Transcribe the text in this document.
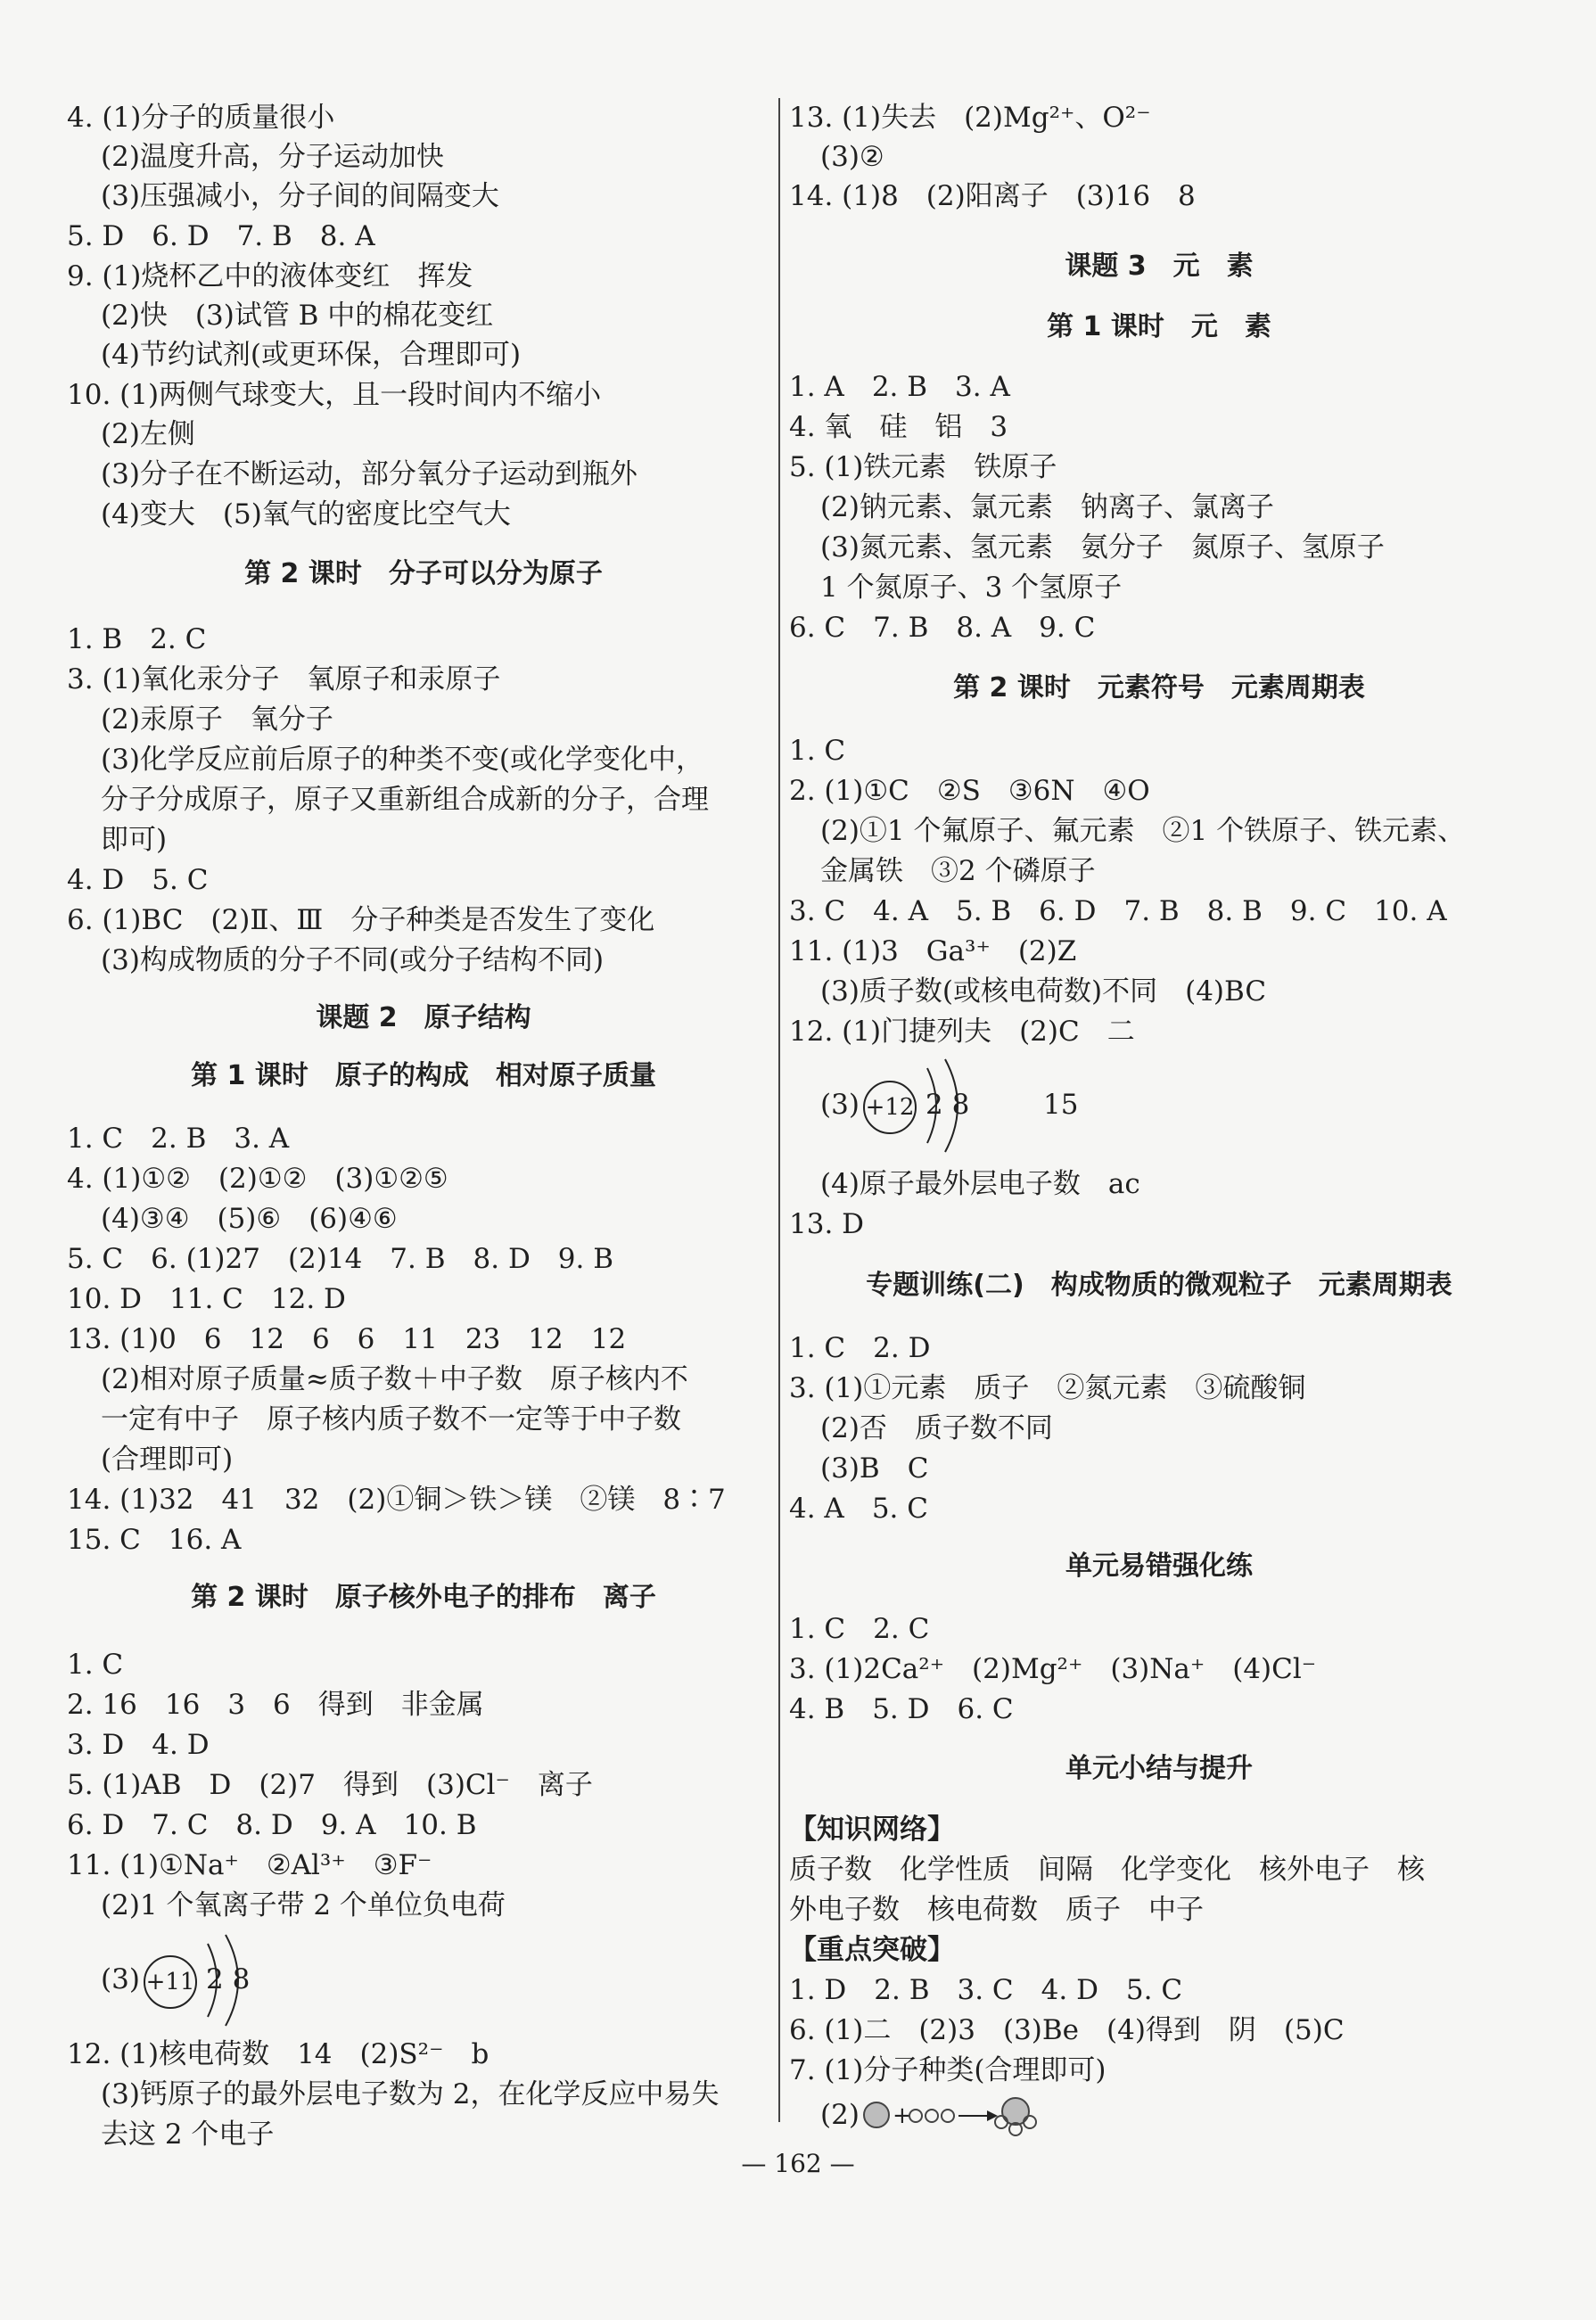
4. (1)分子的质量很小
(2)温度升高，分子运动加快
(3)压强减小，分子间的间隔变大
5. D　6. D　7. B　8. A
9. (1)烧杯乙中的液体变红　挥发
(2)快　(3)试管 B 中的棉花变红
(4)节约试剂(或更环保，合理即可)
10. (1)两侧气球变大，且一段时间内不缩小
(2)左侧
(3)分子在不断运动，部分氧分子运动到瓶外
(4)变大　(5)氧气的密度比空气大
第 2 课时　分子可以分为原子
1. B　2. C
3. (1)氧化汞分子　氧原子和汞原子
(2)汞原子　氧分子
(3)化学反应前后原子的种类不变(或化学变化中，
分子分成原子，原子又重新组合成新的分子，合理
即可)
4. D　5. C
6. (1)BC　(2)Ⅱ、Ⅲ　分子种类是否发生了变化
(3)构成物质的分子不同(或分子结构不同)
课题 2　原子结构
第 1 课时　原子的构成　相对原子质量
1. C　2. B　3. A
4. (1)①②　(2)①②　(3)①②⑤
(4)③④　(5)⑥　(6)④⑥
5. C　6. (1)27　(2)14　7. B　8. D　9. B
10. D　11. C　12. D
13. (1)0　6　12　6　6　11　23　12　12
(2)相对原子质量≈质子数＋中子数　原子核内不
一定有中子　原子核内质子数不一定等于中子数
(合理即可)
14. (1)32　41　32　(2)①铜＞铁＞镁　②镁　8∶7
15. C　16. A
第 2 课时　原子核外电子的排布　离子
1. C
2. 16　16　3　6　得到　非金属
3. D　4. D
5. (1)AB　D　(2)7　得到　(3)Cl⁻　离子
6. D　7. C　8. D　9. A　10. B
11. (1)①Na⁺　②Al³⁺　③F⁻
(2)1 个氧离子带 2 个单位负电荷
(3) +11 2 8
12. (1)核电荷数　14　(2)S²⁻　b
(3)钙原子的最外层电子数为 2，在化学反应中易失
去这 2 个电子
13. (1)失去　(2)Mg²⁺、O²⁻
(3)②
14. (1)8　(2)阳离子　(3)16　8
课题 3　元　素
第 1 课时　元　素
1. A　2. B　3. A
4. 氧　硅　铝　3
5. (1)铁元素　铁原子
(2)钠元素、氯元素　钠离子、氯离子
(3)氮元素、氢元素　氨分子　氮原子、氢原子
1 个氮原子、3 个氢原子
6. C　7. B　8. A　9. C
第 2 课时　元素符号　元素周期表
1. C
2. (1)①C　②S　③6N　④O
(2)①1 个氟原子、氟元素　②1 个铁原子、铁元素、
金属铁　③2 个磷原子
3. C　4. A　5. B　6. D　7. B　8. B　9. C　10. A
11. (1)3　Ga³⁺　(2)Z
(3)质子数(或核电荷数)不同　(4)BC
12. (1)门捷列夫　(2)C　二
(3) +12 2 8	15
(4)原子最外层电子数　ac
13. D
专题训练(二)　构成物质的微观粒子　元素周期表
1. C　2. D
3. (1)①元素　质子　②氮元素　③硫酸铜
(2)否　质子数不同
(3)B　C
4. A　5. C
单元易错强化练
1. C　2. C
3. (1)2Ca²⁺　(2)Mg²⁺　(3)Na⁺　(4)Cl⁻
4. B　5. D　6. C
单元小结与提升
【知识网络】
质子数　化学性质　间隔　化学变化　核外电子　核
外电子数　核电荷数　质子　中子
【重点突破】
1. D　2. B　3. C　4. D　5. C
6. (1)二　(2)3　(3)Be　(4)得到　阴　(5)C
7. (1)分子种类(合理即可)
(2) +
— 162 —
